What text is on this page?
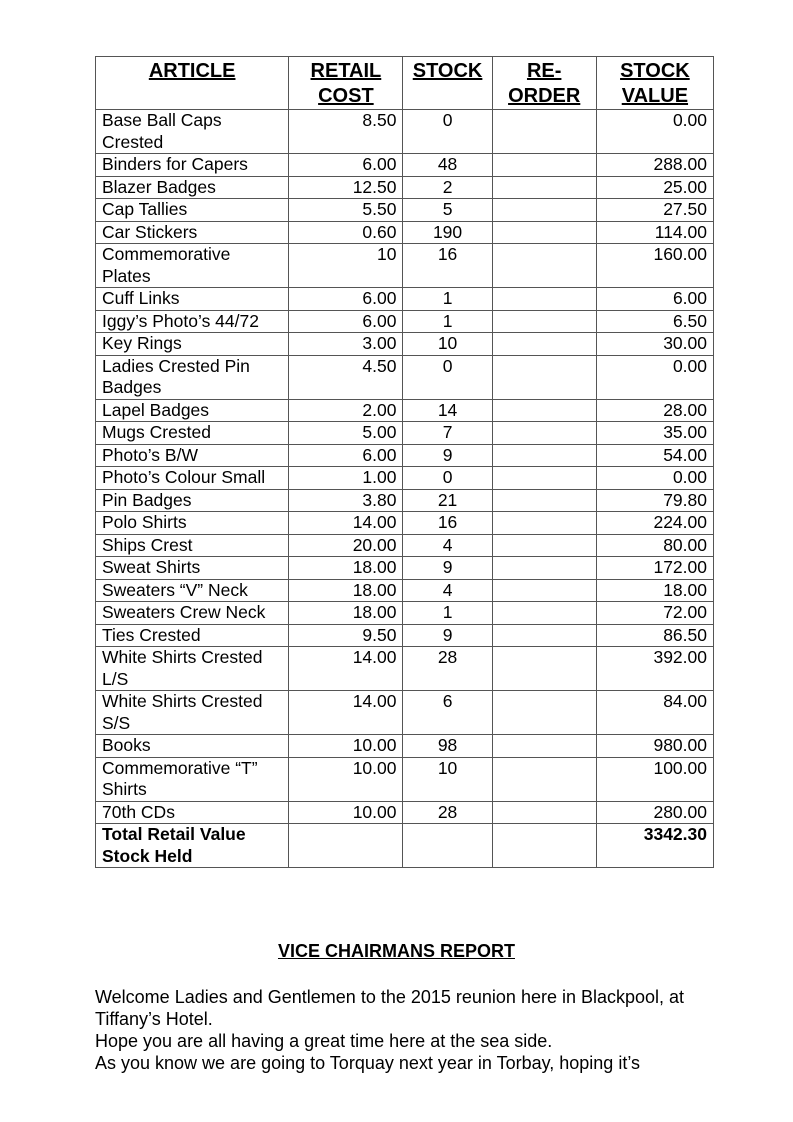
ARTICLE	RETAIL COST	STOCK	RE-ORDER	STOCK VALUE
Base Ball Caps Crested	8.50	0		0.00
Binders for Capers	6.00	48		288.00
Blazer Badges	12.50	2		25.00
Cap Tallies	5.50	5		27.50
Car Stickers	0.60	190		114.00
Commemorative Plates	10	16		160.00
Cuff Links	6.00	1		6.00
Iggy’s Photo’s 44/72	6.00	1		6.50
Key Rings	3.00	10		30.00
Ladies Crested Pin Badges	4.50	0		0.00
Lapel Badges	2.00	14		28.00
Mugs Crested	5.00	7		35.00
Photo’s B/W	6.00	9		54.00
Photo’s Colour Small	1.00	0		0.00
Pin Badges	3.80	21		79.80
Polo Shirts	14.00	16		224.00
Ships Crest	20.00	4		80.00
Sweat Shirts	18.00	9		172.00
Sweaters “V” Neck	18.00	4		18.00
Sweaters Crew Neck	18.00	1		72.00
Ties Crested	9.50	9		86.50
White Shirts Crested L/S	14.00	28		392.00
White Shirts Crested S/S	14.00	6		84.00
Books	10.00	98		980.00
Commemorative “T” Shirts	10.00	10		100.00
70th CDs	10.00	28		280.00
Total Retail Value Stock Held				3342.30
VICE CHAIRMANS REPORT

Welcome Ladies and Gentlemen to the 2015 reunion here in Blackpool, at Tiffany’s Hotel.

Hope you are all having a great time here at the sea side.

As you know we are going to Torquay next year in Torbay, hoping it’s
